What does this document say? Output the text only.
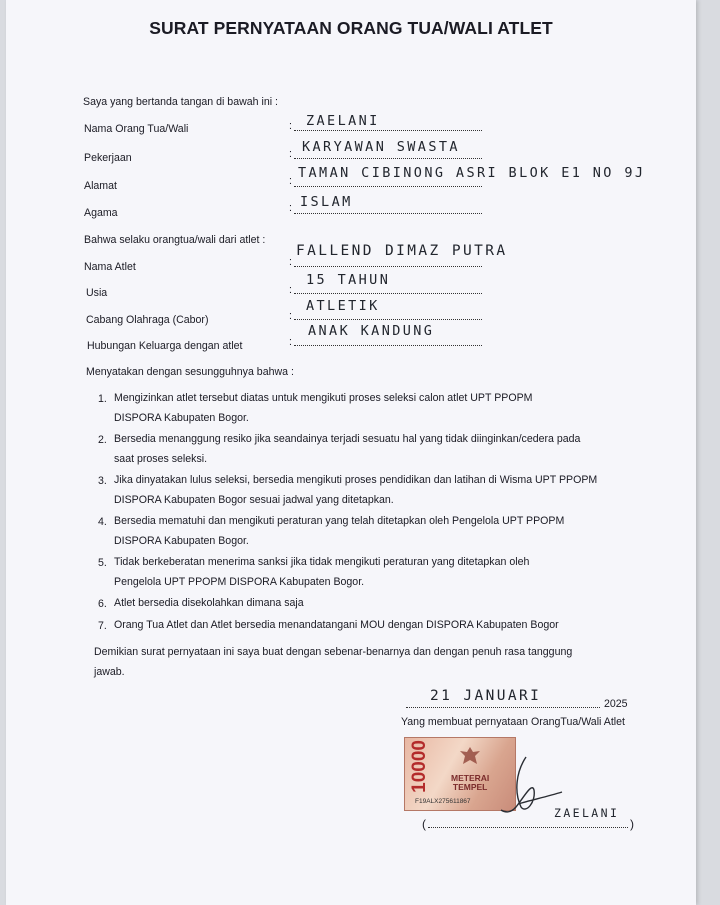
SURAT PERNYATAAN ORANG TUA/WALI ATLET
Saya yang bertanda tangan di bawah ini :
Nama Orang Tua/Wali	: ZAELANI
Pekerjaan	: KARYAWAN SWASTA
Alamat	: TAMAN CIBINONG ASRI BLOK E1 NO 9J
Agama	: ISLAM
Bahwa selaku orangtua/wali dari atlet :
Nama Atlet	:
FALLEND DIMAZ PUTRA
Usia	:
15 TAHUN
Cabang Olahraga (Cabor)	:
ATLETIK
Hubungan Keluarga dengan atlet	:
ANAK KANDUNG
Menyatakan dengan sesungguhnya bahwa :
1. Mengizinkan atlet tersebut diatas untuk mengikuti proses seleksi calon atlet UPT PPOPM
DISPORA Kabupaten Bogor.
2. Bersedia menanggung resiko jika seandainya terjadi sesuatu hal yang tidak diinginkan/cedera pada
saat proses seleksi.
3. Jika dinyatakan lulus seleksi, bersedia mengikuti proses pendidikan dan latihan di Wisma UPT PPOPM
DISPORA Kabupaten Bogor sesuai jadwal yang ditetapkan.
4. Bersedia mematuhi dan mengikuti peraturan yang telah ditetapkan oleh Pengelola UPT PPOPM
DISPORA Kabupaten Bogor.
5. Tidak berkeberatan menerima sanksi jika tidak mengikuti peraturan yang ditetapkan oleh
Pengelola UPT PPOPM DISPORA Kabupaten Bogor.
6. Atlet bersedia disekolahkan dimana saja
7. Orang Tua Atlet dan Atlet bersedia menandatangani MOU dengan DISPORA Kabupaten Bogor
Demikian surat pernyataan ini saya buat dengan sebenar-benarnya dan dengan penuh rasa tanggung
jawab.
21 JANUARI	2025
Yang membuat pernyataan OrangTua/Wali Atlet
10000 METERAI
TEMPEL
F19ALX275611867
(	)
ZAELANI
